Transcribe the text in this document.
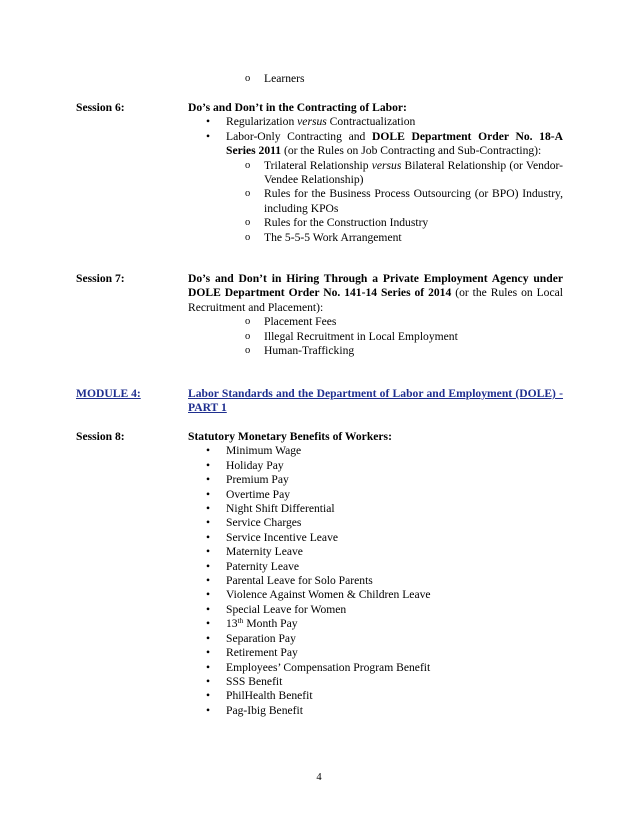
o Learners
Session 6:	Do’s and Don’t in the Contracting of Labor:
• Regularization versus Contractualization
• Labor-Only Contracting and DOLE Department Order No. 18-A Series 2011 (or the Rules on Job Contracting and Sub-Contracting):
o Trilateral Relationship versus Bilateral Relationship (or Vendor-Vendee Relationship)
o Rules for the Business Process Outsourcing (or BPO) Industry, including KPOs
o Rules for the Construction Industry
o The 5-5-5 Work Arrangement
Session 7:	Do’s and Don’t in Hiring Through a Private Employment Agency under DOLE Department Order No. 141-14 Series of 2014 (or the Rules on Local Recruitment and Placement):
o Placement Fees
o Illegal Recruitment in Local Employment
o Human-Trafficking
MODULE 4:	Labor Standards and the Department of Labor and Employment (DOLE) - PART 1
Session 8:	Statutory Monetary Benefits of Workers:
• Minimum Wage
• Holiday Pay
• Premium Pay
• Overtime Pay
• Night Shift Differential
• Service Charges
• Service Incentive Leave
• Maternity Leave
• Paternity Leave
• Parental Leave for Solo Parents
• Violence Against Women & Children Leave
• Special Leave for Women
• 13th Month Pay
• Separation Pay
• Retirement Pay
• Employees’ Compensation Program Benefit
• SSS Benefit
• PhilHealth Benefit
• Pag-Ibig Benefit
4
